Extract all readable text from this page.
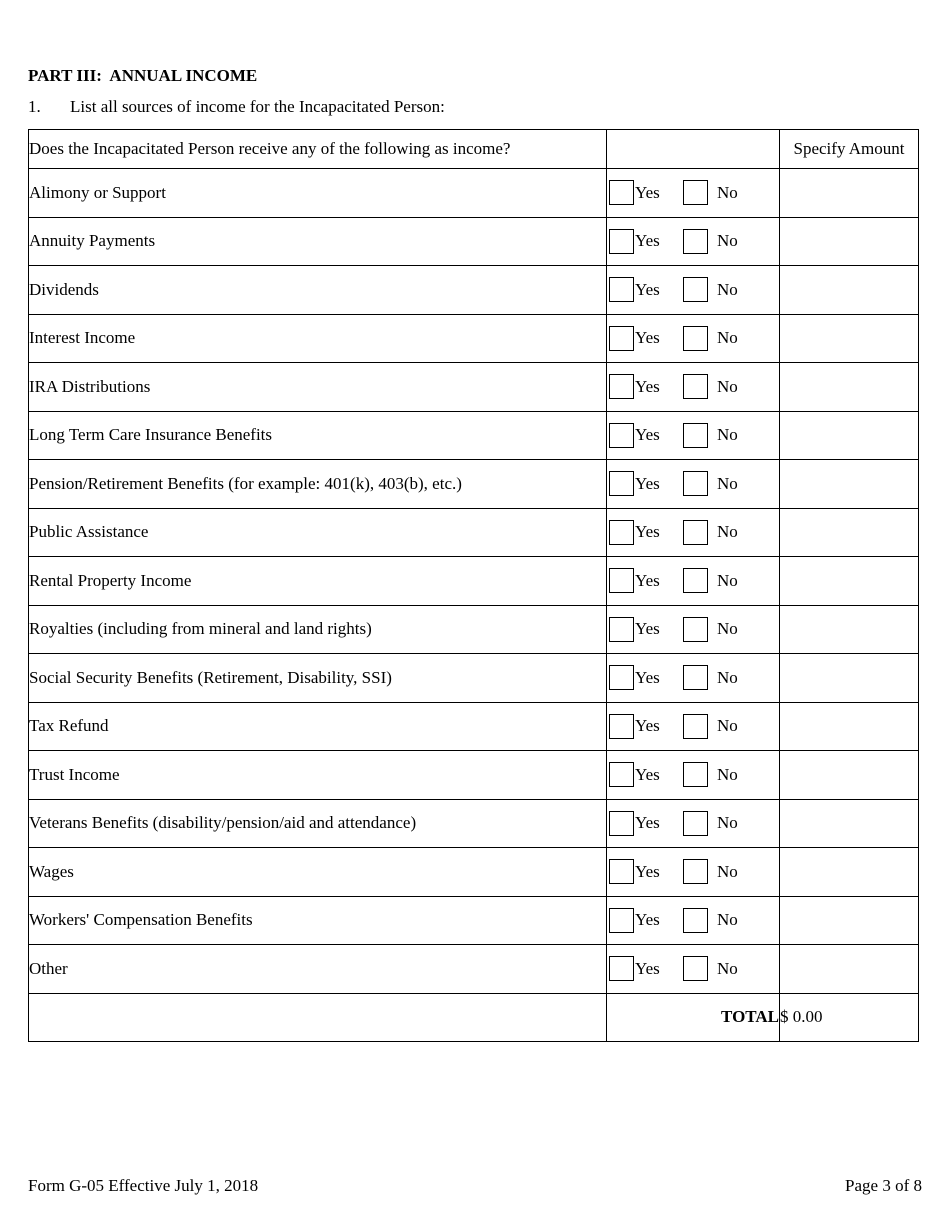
PART III:  ANNUAL INCOME
1. List all sources of income for the Incapacitated Person:
Does the Incapacitated Person receive any of the following as income?		Specify Amount
Alimony or Support	Yes No	

Annuity Payments	Yes No	

Dividends	Yes No	

Interest Income	Yes No	

IRA Distributions	Yes No	

Long Term Care Insurance Benefits	Yes No	

Pension/Retirement Benefits (for example: 401(k), 403(b), etc.)	Yes No	

Public Assistance	Yes No	

Rental Property Income	Yes No	

Royalties (including from mineral and land rights)	Yes No	

Social Security Benefits (Retirement, Disability, SSI)	Yes No	

Tax Refund	Yes No	

Trust Income	Yes No	

Veterans Benefits (disability/pension/aid and attendance)	Yes No	

Wages	Yes No	

Workers' Compensation Benefits	Yes No	

Other	Yes No	

	TOTAL	$ 0.00
Form G-05 Effective July 1, 2018	Page 3 of 8
